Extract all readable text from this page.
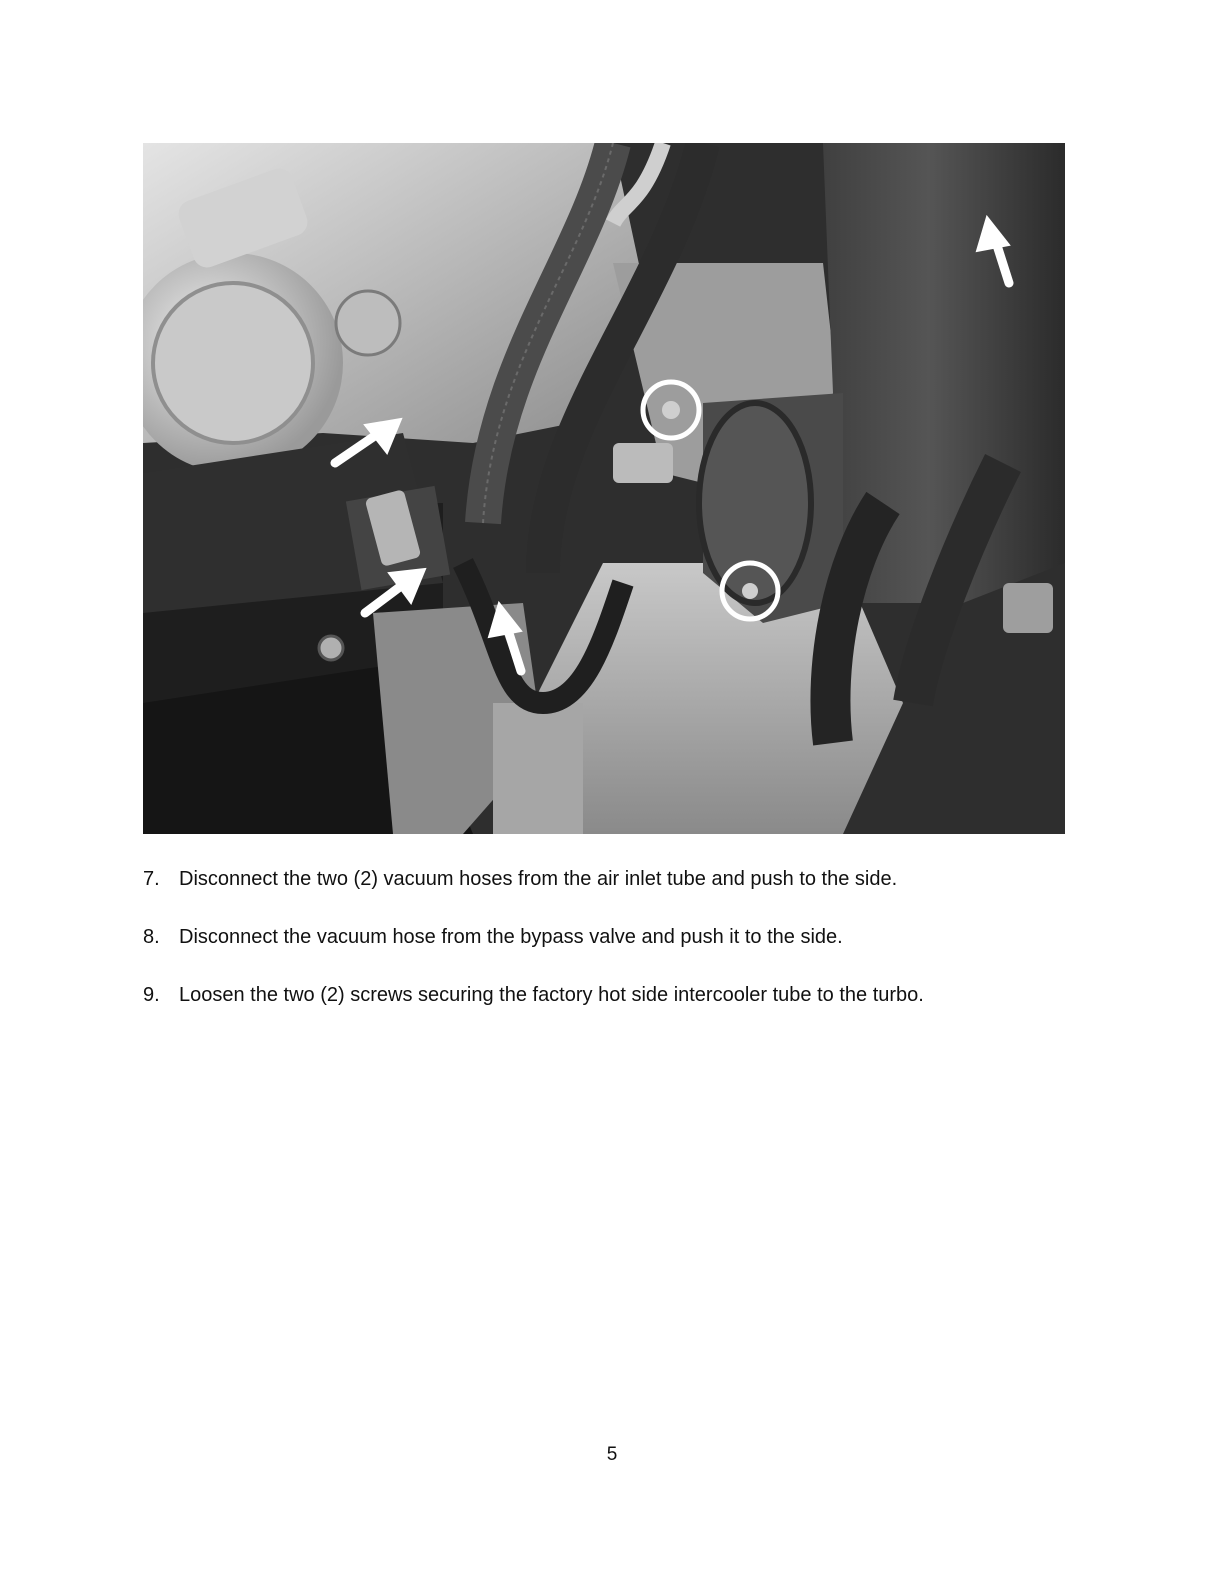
7. Disconnect the two (2) vacuum hoses from the air inlet tube and push to the side.
8. Disconnect the vacuum hose from the bypass valve and push it to the side.
9. Loosen the two (2) screws securing the factory hot side intercooler tube to the turbo.
5
